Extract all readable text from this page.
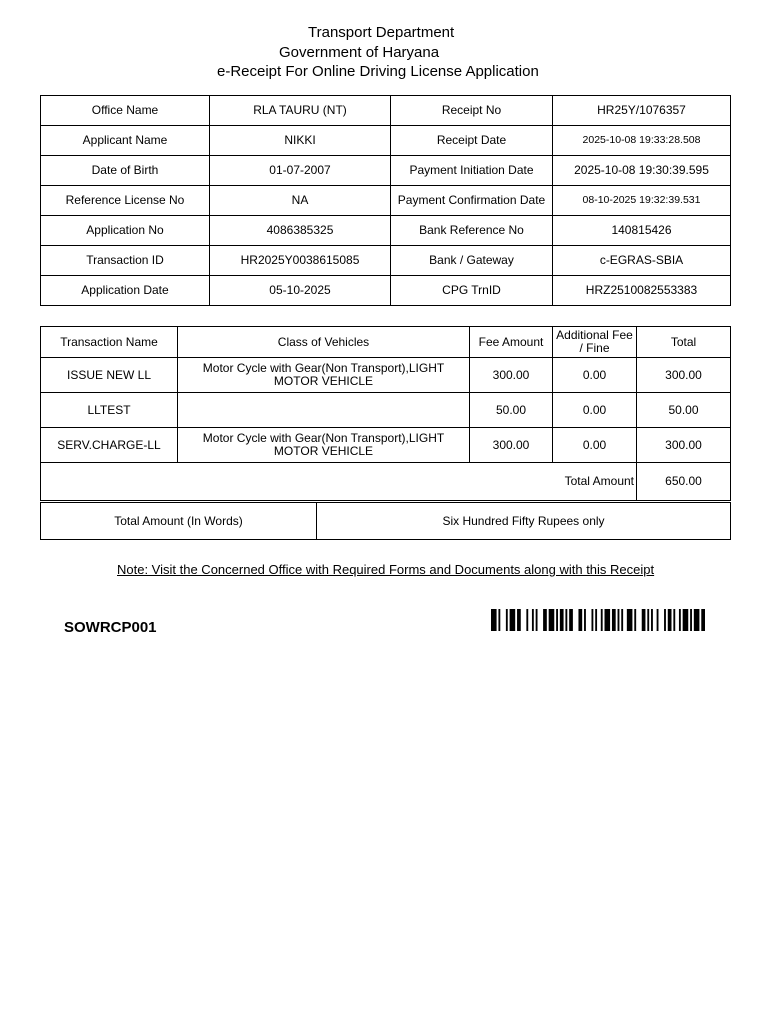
Transport Department
Government of Haryana
e-Receipt For Online Driving License Application
Office Name	RLA TAURU (NT)	Receipt No	HR25Y/1076357
Applicant Name	NIKKI	Receipt Date	2025-10-08 19:33:28.508
Date of Birth	01-07-2007	Payment Initiation Date	2025-10-08 19:30:39.595
Reference License No	NA	Payment Confirmation Date	08-10-2025 19:32:39.531
Application No	4086385325	Bank Reference No	140815426
Transaction ID	HR2025Y0038615085	Bank / Gateway	c-EGRAS-SBIA
Application Date	05-10-2025	CPG TrnID	HRZ2510082553383
Transaction Name	Class of Vehicles	Fee Amount	Additional Fee / Fine	Total
ISSUE NEW LL	Motor Cycle with Gear(Non Transport),LIGHT MOTOR VEHICLE	300.00	0.00	300.00
LLTEST		50.00	0.00	50.00
SERV.CHARGE-LL	Motor Cycle with Gear(Non Transport),LIGHT MOTOR VEHICLE	300.00	0.00	300.00
Total Amount				650.00
Total Amount (In Words)	Six Hundred Fifty Rupees only
Note: Visit the Concerned Office with Required Forms and Documents along with this Receipt
SOWRCP001
